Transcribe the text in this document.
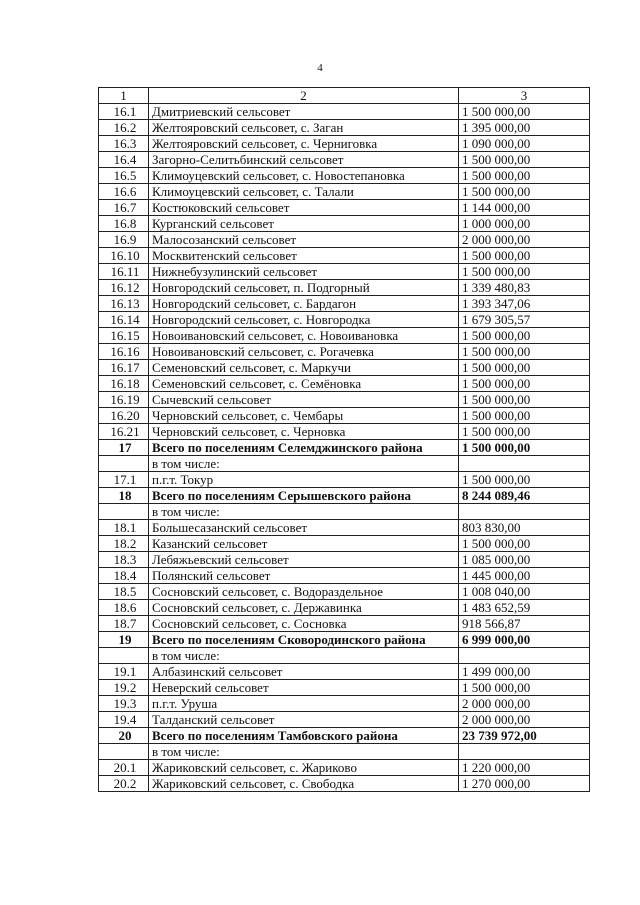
4
1	2	3
16.1	Дмитриевский сельсовет	1 500 000,00
16.2	Желтояровский сельсовет, с. Заган	1 395 000,00
16.3	Желтояровский сельсовет, с. Черниговка	1 090 000,00
16.4	Загорно-Селитьбинский сельсовет	1 500 000,00
16.5	Климоуцевский сельсовет, с. Новостепановка	1 500 000,00
16.6	Климоуцевский сельсовет, с. Талали	1 500 000,00
16.7	Костюковский сельсовет	1 144 000,00
16.8	Курганский сельсовет	1 000 000,00
16.9	Малосозанский сельсовет	2 000 000,00
16.10	Москвитенский сельсовет	1 500 000,00
16.11	Нижнебузулинский сельсовет	1 500 000,00
16.12	Новгородский сельсовет, п. Подгорный	1 339 480,83
16.13	Новгородский сельсовет, с. Бардагон	1 393 347,06
16.14	Новгородский сельсовет, с. Новгородка	1 679 305,57
16.15	Новоивановский сельсовет, с. Новоивановка	1 500 000,00
16.16	Новоивановский сельсовет, с. Рогачевка	1 500 000,00
16.17	Семеновский сельсовет, с. Маркучи	1 500 000,00
16.18	Семеновский сельсовет, с. Семёновка	1 500 000,00
16.19	Сычевский сельсовет	1 500 000,00
16.20	Черновский сельсовет, с. Чембары	1 500 000,00
16.21	Черновский сельсовет, с. Черновка	1 500 000,00
17	Всего по поселениям Селемджинского района	1 500 000,00
	в том числе:	
17.1	п.г.т. Токур	1 500 000,00
18	Всего по поселениям Серышевского района	8 244 089,46
	в том числе:	
18.1	Большесазанский сельсовет	803 830,00
18.2	Казанский сельсовет	1 500 000,00
18.3	Лебяжьевский сельсовет	1 085 000,00
18.4	Полянский сельсовет	1 445 000,00
18.5	Сосновский сельсовет, с. Водораздельное	1 008 040,00
18.6	Сосновский сельсовет, с. Державинка	1 483 652,59
18.7	Сосновский сельсовет, с. Сосновка	918 566,87
19	Всего по поселениям Сковородинского района	6 999 000,00
	в том числе:	
19.1	Албазинский сельсовет	1 499 000,00
19.2	Неверский сельсовет	1 500 000,00
19.3	п.г.т. Уруша	2 000 000,00
19.4	Талданский сельсовет	2 000 000,00
20	Всего по поселениям Тамбовского района	23 739 972,00
	в том числе:	
20.1	Жариковский сельсовет, с. Жариково	1 220 000,00
20.2	Жариковский сельсовет, с. Свободка	1 270 000,00
